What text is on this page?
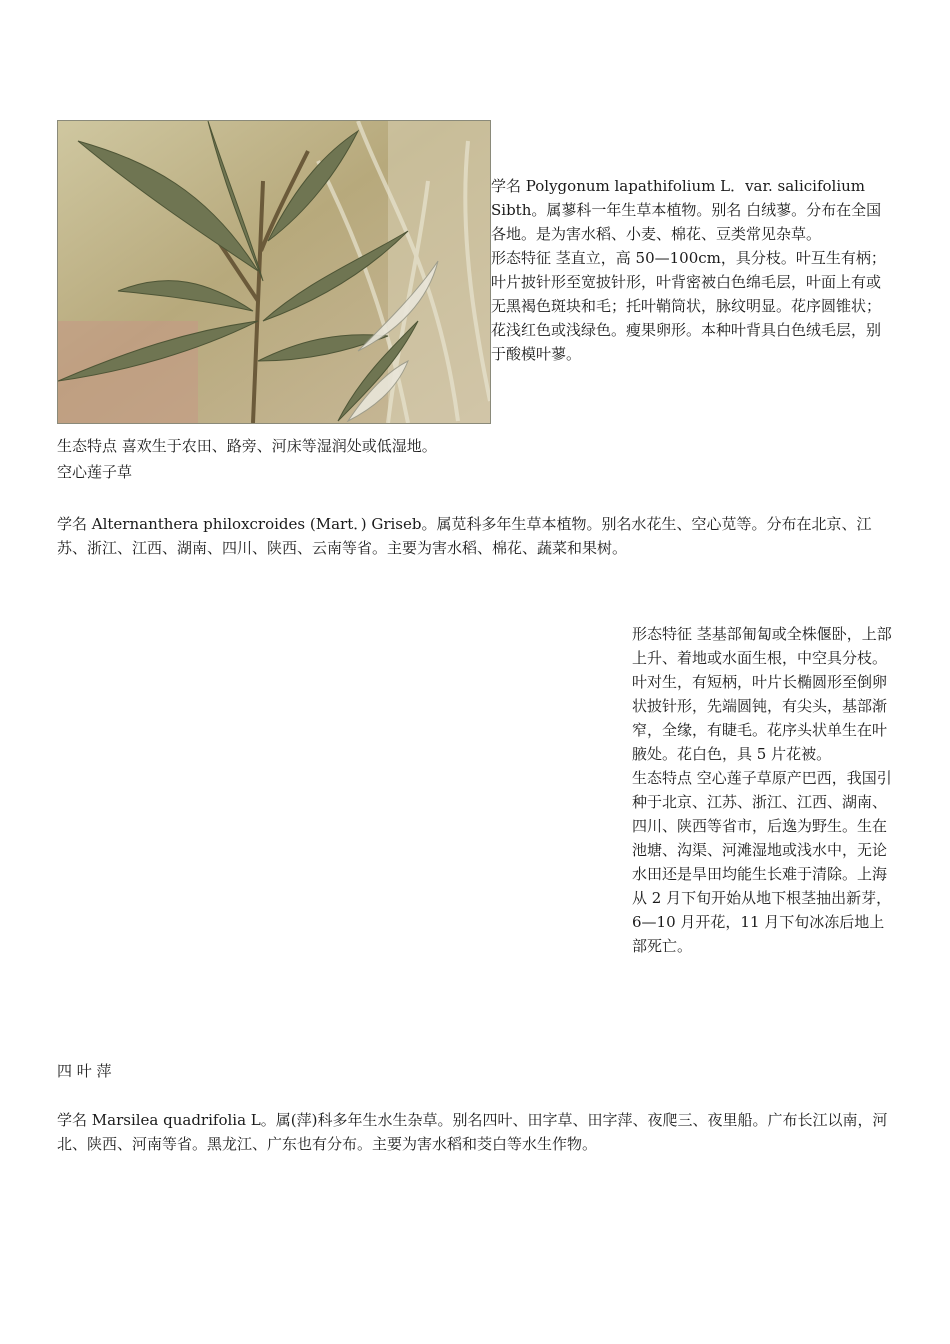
学名 Polygonum lapathifolium L．var. salicifolium Sibth。属蓼科一年生草本植物。别名 白绒蓼。分布在全国各地。是为害水稻、小麦、棉花、豆类常见杂草。

形态特征 茎直立，高 50—100cm，具分枝。叶互生有柄；叶片披针形至宽披针形，叶背密被白色绵毛层，叶面上有或无黑褐色斑块和毛；托叶鞘筒状，脉纹明显。花序圆锥状；花浅红色或浅绿色。瘦果卵形。本种叶背具白色绒毛层，别于酸模叶蓼。

生态特点 喜欢生于农田、路旁、河床等湿润处或低湿地。

空心莲子草

学名 Alternanthera philoxcroides (Mart．) Griseb。属苋科多年生草本植物。别名水花生、空心苋等。分布在北京、江苏、浙江、江西、湖南、四川、陕西、云南等省。主要为害水稻、棉花、蔬菜和果树。

形态特征 茎基部匍匐或全株偃卧，上部上升、着地或水面生根，中空具分枝。叶对生，有短柄，叶片长椭圆形至倒卵状披针形，先端圆钝，有尖头，基部渐窄，全缘，有睫毛。花序头状单生在叶腋处。花白色，具 5 片花被。

生态特点 空心莲子草原产巴西，我国引种于北京、江苏、浙江、江西、湖南、四川、陕西等省市，后逸为野生。生在池塘、沟渠、河滩湿地或浅水中，无论水田还是旱田均能生长难于清除。上海从 2 月下旬开始从地下根茎抽出新芽，6—10 月开花，11 月下旬冰冻后地上部死亡。

四 叶 萍

学名 Marsilea quadrifolia L。属(萍)科多年生水生杂草。别名四叶、田字草、田字萍、夜爬三、夜里船。广布长江以南，河北、陕西、河南等省。黑龙江、广东也有分布。主要为害水稻和茭白等水生作物。
